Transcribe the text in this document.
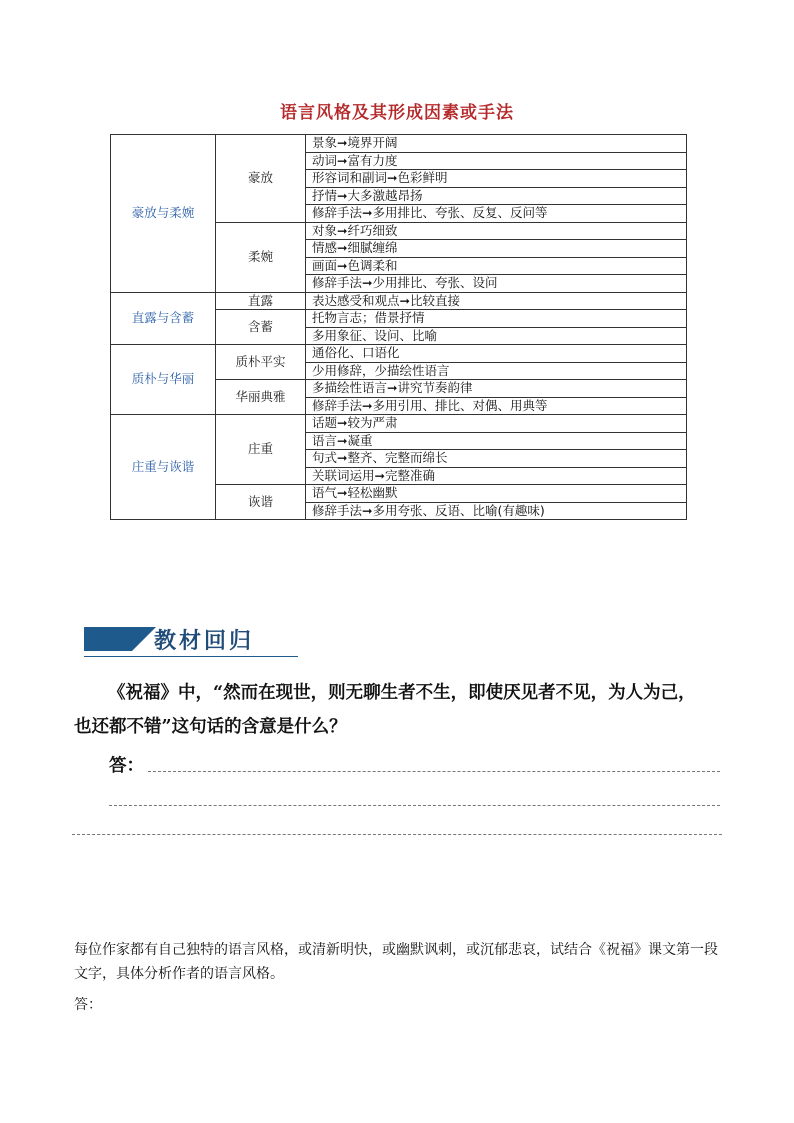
语言风格及其形成因素或手法
豪放与柔婉	豪放	景象➞境界开阔
		动词➞富有力度
		形容词和副词➞色彩鲜明
		抒情➞大多激越昂扬
		修辞手法➞多用排比、夸张、反复、反问等
	柔婉	对象➞纤巧细致
		情感➞细腻缠绵
		画面➞色调柔和
		修辞手法➞少用排比、夸张、设问
直露与含蓄	直露	表达感受和观点➞比较直接
	含蓄	托物言志；借景抒情
		多用象征、设问、比喻
质朴与华丽	质朴平实	通俗化、口语化
		少用修辞，少描绘性语言
	华丽典雅	多描绘性语言➞讲究节奏韵律
		修辞手法➞多用引用、排比、对偶、用典等
庄重与诙谐	庄重	话题➞较为严肃
		语言➞凝重
		句式➞整齐、完整而绵长
		关联词运用➞完整准确
	诙谐	语气➞轻松幽默
		修辞手法➞多用夸张、反语、比喻(有趣味)
教材回归
《祝福》中，“然而在现世，则无聊生者不生，即使厌见者不见，为人为己，
也还都不错”这句话的含意是什么？
答：
每位作家都有自己独特的语言风格，或清新明快，或幽默讽刺，或沉郁悲哀，试结合《祝福》课文第一段
文字，具体分析作者的语言风格。
答：
